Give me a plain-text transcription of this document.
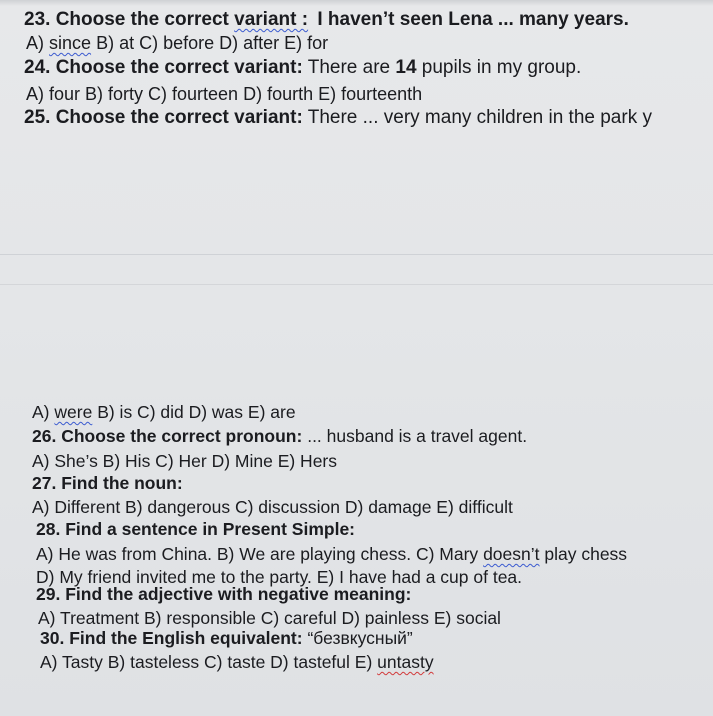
23. Choose the correct variant : I haven’t seen Lena ... many years.
A) since B) at C) before D) after E) for
24. Choose the correct variant: There are 14 pupils in my group.
A) four B) forty C) fourteen D) fourth E) fourteenth
25. Choose the correct variant: There ... very many children in the park y
A) were B) is C) did D) was E) are
26. Choose the correct pronoun: ... husband is a travel agent.
A) She’s B) His C) Her D) Mine E) Hers
27. Find the noun:
A) Different B) dangerous C) discussion D) damage E) difficult
28. Find a sentence in Present Simple:
A) He was from China. B) We are playing chess. C) Mary doesn’t play chess
D) My friend invited me to the party. E) I have had a cup of tea.
29. Find the adjective with negative meaning:
A) Treatment B) responsible C) careful D) painless E) social
30. Find the English equivalent: “безвкусный”
A) Tasty B) tasteless C) taste D) tasteful E) untasty
